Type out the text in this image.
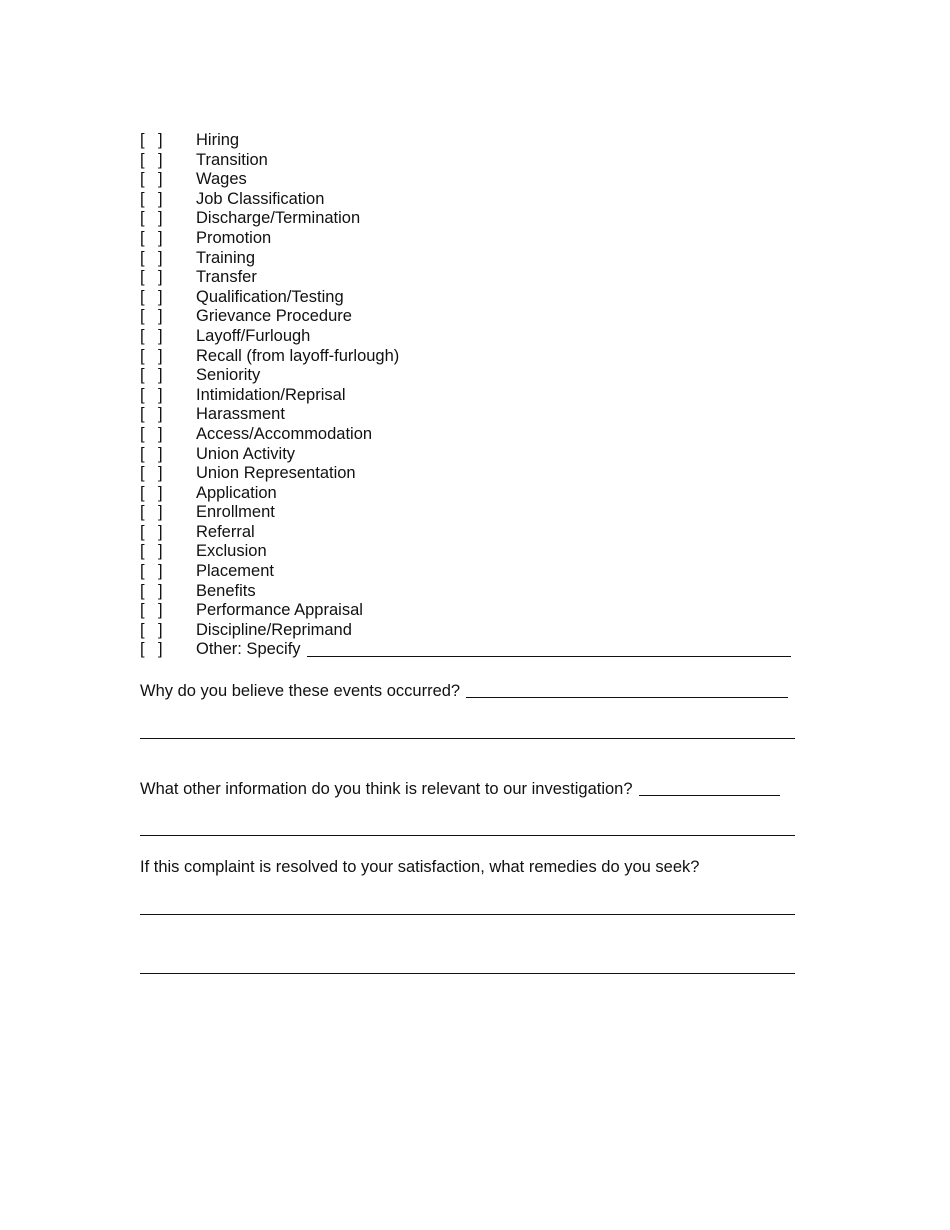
[ ] Hiring
[ ] Transition
[ ] Wages
[ ] Job Classification
[ ] Discharge/Termination
[ ] Promotion
[ ] Training
[ ] Transfer
[ ] Qualification/Testing
[ ] Grievance Procedure
[ ] Layoff/Furlough
[ ] Recall (from layoff-furlough)
[ ] Seniority
[ ] Intimidation/Reprisal
[ ] Harassment
[ ] Access/Accommodation
[ ] Union Activity
[ ] Union Representation
[ ] Application
[ ] Enrollment
[ ] Referral
[ ] Exclusion
[ ] Placement
[ ] Benefits
[ ] Performance Appraisal
[ ] Discipline/Reprimand
[ ] Other: Specify
Why do you believe these events occurred?
What other information do you think is relevant to our investigation?
If this complaint is resolved to your satisfaction, what remedies do you seek?
